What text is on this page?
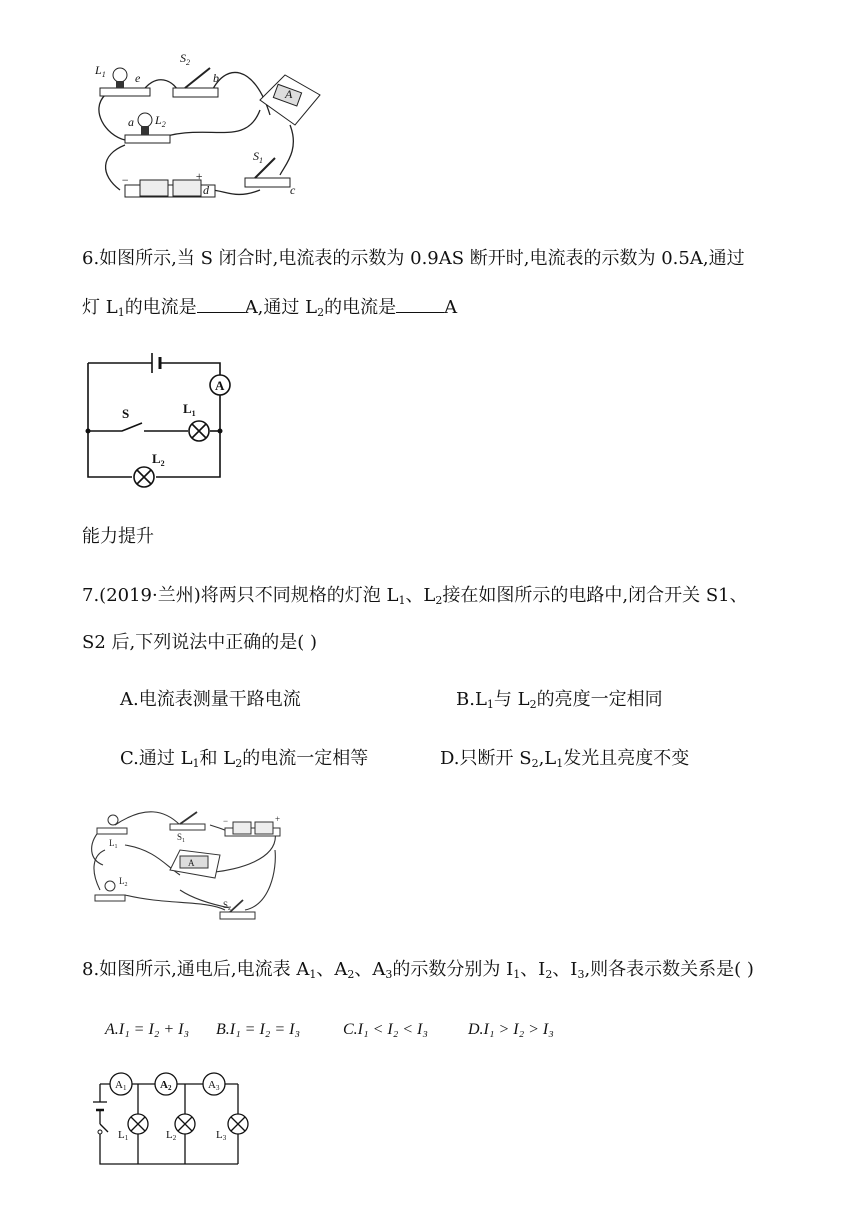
$L_1$ e
$S_2$
b
a $L_2$
A
$S_1$
c
−	+
d
6.如图所示,当 S 闭合时,电流表的示数为 0.9AS 断开时,电流表的示数为 0.5A,通过
灯 $L_1$的电流是	A,通过 $L_2$的电流是	A
A
S	$L_1$
$L_2$
能力提升
7.(2019·兰州)将两只不同规格的灯泡 $L_1$、$L_2$接在如图所示的电路中,闭合开关 S1、
S2 后,下列说法中正确的是( )
A.电流表测量干路电流	$B.L_1$与 $L_2$的亮度一定相同
C.通过 $L_1$和 $L_2$的电流一定相等	D.只断开 $S_2,L_1$发光且亮度不变
$L_1$
$S_1$
−	+
A
$L_2$
$S_2$
8.如图所示,通电后,电流表 $A_1$、$A_2$、$A_3$的示数分别为 $I_1$、$I_2$、$I_3$,则各表示数关系是( )
A.I₁ = I₂ + I₃ B.I₁ = I₂ = I₃	C.I₁ < I₂ < I₃	D.I₁ > I₂ > I₃
A1	A2	A3
L1	L2	L3
